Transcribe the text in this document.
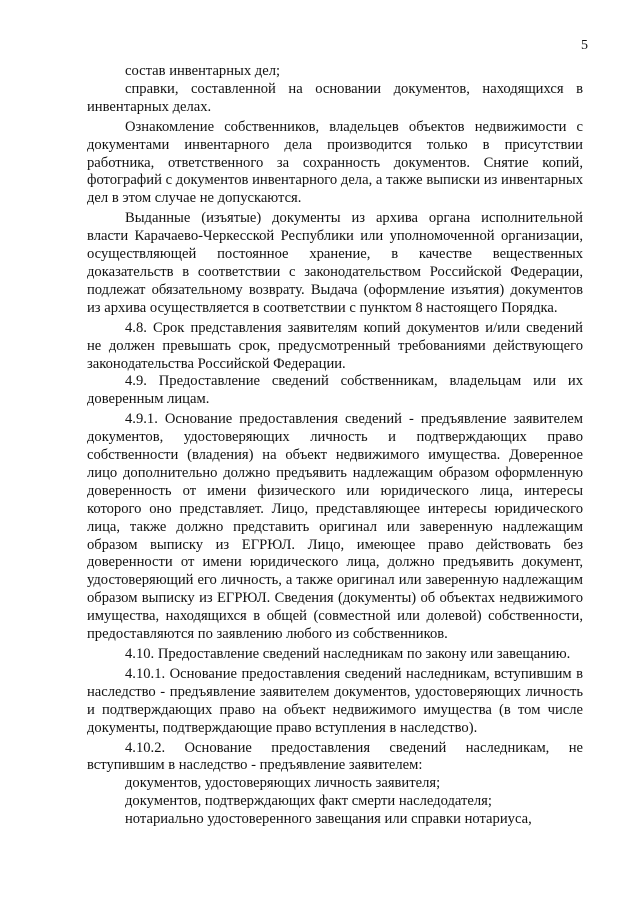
5

состав инвентарных дел;

справки, составленной на основании документов, находящихся в инвентарных делах.

Ознакомление собственников, владельцев объектов недвижимости с документами инвентарного дела производится только в присутствии работника, ответственного за сохранность документов. Снятие копий, фотографий с документов инвентарного дела, а также выписки из инвентарных дел в этом случае не допускаются.

Выданные (изъятые) документы из архива органа исполнительной власти Карачаево-Черкесской Республики или уполномоченной организации, осуществляющей постоянное хранение, в качестве вещественных доказательств в соответствии с законодательством Российской Федерации, подлежат обязательному возврату. Выдача (оформление изъятия) документов из архива осуществляется в соответствии с пунктом 8 настоящего Порядка.

4.8. Срок представления заявителям копий документов и/или сведений не должен превышать срок, предусмотренный требованиями действующего законодательства Российской Федерации.

4.9. Предоставление сведений собственникам, владельцам или их доверенным лицам.

4.9.1. Основание предоставления сведений - предъявление заявителем документов, удостоверяющих личность и подтверждающих право собственности (владения) на объект недвижимого имущества. Доверенное лицо дополнительно должно предъявить надлежащим образом оформленную доверенность от имени физического или юридического лица, интересы которого оно представляет. Лицо, представляющее интересы юридического лица, также должно представить оригинал или заверенную надлежащим образом выписку из ЕГРЮЛ. Лицо, имеющее право действовать без доверенности от имени юридического лица, должно предъявить документ, удостоверяющий его личность, а также оригинал или заверенную надлежащим образом выписку из ЕГРЮЛ. Сведения (документы) об объектах недвижимого имущества, находящихся в общей (совместной или долевой) собственности, предоставляются по заявлению любого из собственников.

4.10. Предоставление сведений наследникам по закону или завещанию.

4.10.1. Основание предоставления сведений наследникам, вступившим в наследство - предъявление заявителем документов, удостоверяющих личность и подтверждающих право на объект недвижимого имущества (в том числе документы, подтверждающие право вступления в наследство).

4.10.2. Основание предоставления сведений наследникам, не вступившим в наследство - предъявление заявителем:

документов, удостоверяющих личность заявителя;

документов, подтверждающих факт смерти наследодателя;

нотариально удостоверенного завещания или справки нотариуса,
